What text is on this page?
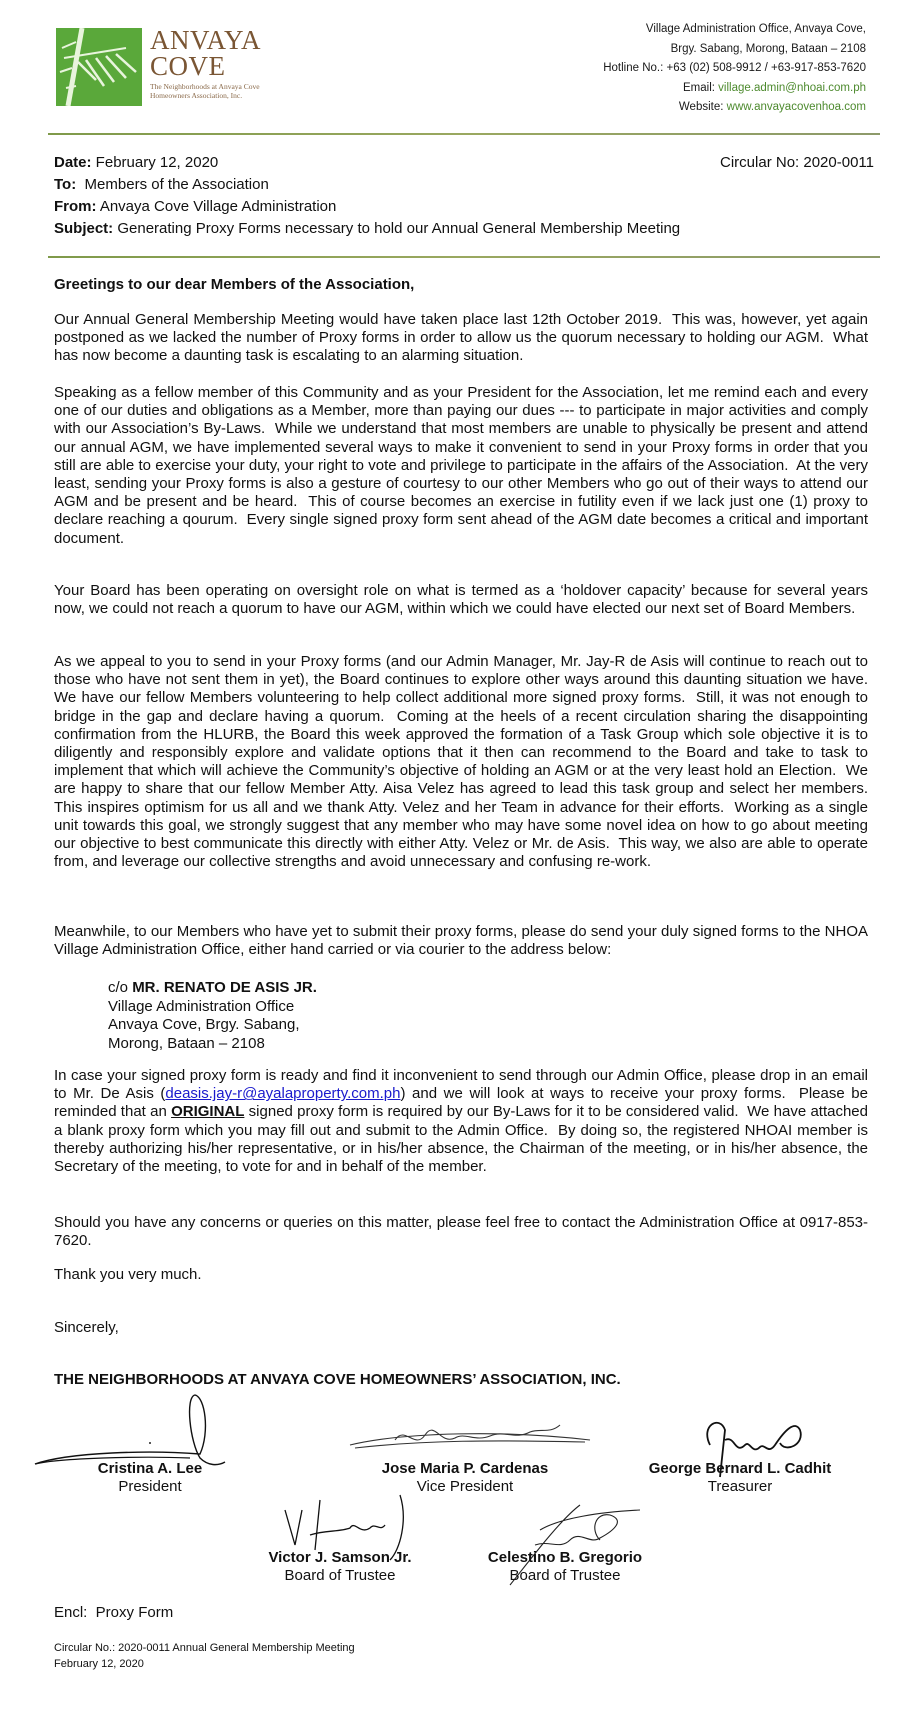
ANVAYA
COVE
The Neighborhoods at Anvaya Cove
Homeowners Association, Inc.
Village Administration Office, Anvaya Cove,
Brgy. Sabang, Morong, Bataan – 2108
Hotline No.: +63 (02) 508-9912 / +63-917-853-7620
Email: village.admin@nhoai.com.ph
Website: www.anvayacovenhoa.com
Date: February 12, 2020
To:  Members of the Association
From: Anvaya Cove Village Administration
Subject: Generating Proxy Forms necessary to hold our Annual General Membership Meeting
Circular No: 2020-0011
Greetings to our dear Members of the Association,
Our Annual General Membership Meeting would have taken place last 12th October 2019.  This was, however, yet again postponed as we lacked the number of Proxy forms in order to allow us the quorum necessary to holding our AGM.  What has now become a daunting task is escalating to an alarming situation.
Speaking as a fellow member of this Community and as your President for the Association, let me remind each and every one of our duties and obligations as a Member, more than paying our dues --- to participate in major activities and comply with our Association’s By-Laws.  While we understand that most members are unable to physically be present and attend our annual AGM, we have implemented several ways to make it convenient to send in your Proxy forms in order that you still are able to exercise your duty, your right to vote and privilege to participate in the affairs of the Association.  At the very least, sending your Proxy forms is also a gesture of courtesy to our other Members who go out of their ways to attend our AGM and be present and be heard.  This of course becomes an exercise in futility even if we lack just one (1) proxy to declare reaching a qourum.  Every single signed proxy form sent ahead of the AGM date becomes a critical and important document.
Your Board has been operating on oversight role on what is termed as a ‘holdover capacity’ because for several years now, we could not reach a quorum to have our AGM, within which we could have elected our next set of Board Members.
As we appeal to you to send in your Proxy forms (and our Admin Manager, Mr. Jay-R de Asis will continue to reach out to those who have not sent them in yet), the Board continues to explore other ways around this daunting situation we have.  We have our fellow Members volunteering to help collect additional more signed proxy forms.  Still, it was not enough to bridge in the gap and declare having a quorum.  Coming at the heels of a recent circulation sharing the disappointing confirmation from the HLURB, the Board this week approved the formation of a Task Group which sole objective it is to diligently and responsibly explore and validate options that it then can recommend to the Board and take to task to implement that which will achieve the Community’s objective of holding an AGM or at the very least hold an Election.  We are happy to share that our fellow Member Atty. Aisa Velez has agreed to lead this task group and select her members.  This inspires optimism for us all and we thank Atty. Velez and her Team in advance for their efforts.  Working as a single unit towards this goal, we strongly suggest that any member who may have some novel idea on how to go about meeting our objective to best communicate this directly with either Atty. Velez or Mr. de Asis.  This way, we also are able to operate from, and leverage our collective strengths and avoid unnecessary and confusing re-work.
Meanwhile, to our Members who have yet to submit their proxy forms, please do send your duly signed forms to the NHOA Village Administration Office, either hand carried or via courier to the address below:
c/o MR. RENATO DE ASIS JR.
Village Administration Office
Anvaya Cove, Brgy. Sabang,
Morong, Bataan – 2108
In case your signed proxy form is ready and find it inconvenient to send through our Admin Office, please drop in an email to Mr. De Asis (deasis.jay-r@ayalaproperty.com.ph) and we will look at ways to receive your proxy forms.  Please be reminded that an ORIGINAL signed proxy form is required by our By-Laws for it to be considered valid.  We have attached a blank proxy form which you may fill out and submit to the Admin Office.  By doing so, the registered NHOAI member is thereby authorizing his/her representative, or in his/her absence, the Chairman of the meeting, or in his/her absence, the Secretary of the meeting, to vote for and in behalf of the member.
Should you have any concerns or queries on this matter, please feel free to contact the Administration Office at 0917-853-7620.
Thank you very much.
Sincerely,
THE NEIGHBORHOODS AT ANVAYA COVE HOMEOWNERS’ ASSOCIATION, INC.
Cristina A. Lee
President
Jose Maria P. Cardenas
Vice President
George Bernard L. Cadhit
Treasurer
Victor J. Samson Jr.
Board of Trustee
Celestino B. Gregorio
Board of Trustee
Encl:  Proxy Form
Circular No.: 2020-0011 Annual General Membership Meeting
February 12, 2020
